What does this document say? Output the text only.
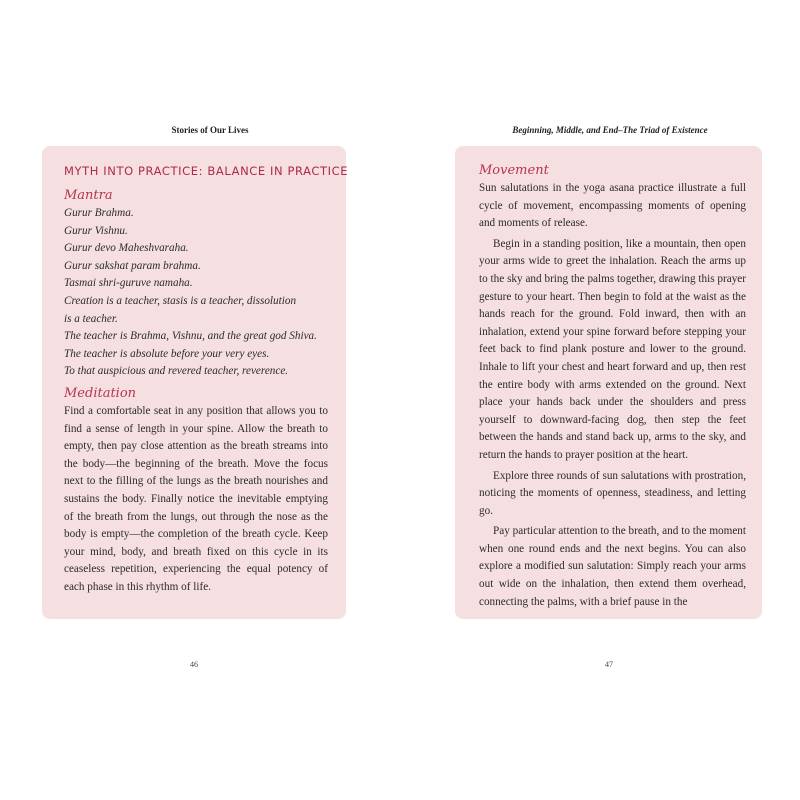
Stories of Our Lives

MYTH INTO PRACTICE: BALANCE IN PRACTICE

Mantra

Gurur Brahma.

Gurur Vishnu.

Gurur devo Maheshvaraha.

Gurur sakshat param brahma.

Tasmai shri-guruve namaha.

Creation is a teacher, stasis is a teacher, dissolution

is a teacher.

The teacher is Brahma, Vishnu, and the great god Shiva.

The teacher is absolute before your very eyes.

To that auspicious and revered teacher, reverence.

Meditation

Find a comfortable seat in any position that allows you to find a sense of length in your spine. Allow the breath to empty, then pay close attention as the breath streams into the body—the beginning of the breath. Move the focus next to the filling of the lungs as the breath nourishes and sustains the body. Finally notice the inevitable emptying of the breath from the lungs, out through the nose as the body is empty—the completion of the breath cycle. Keep your mind, body, and breath fixed on this cycle in its ceaseless repetition, experiencing the equal potency of each phase in this rhythm of life.

46
Beginning, Middle, and End–The Triad of Existence

Movement

Sun salutations in the yoga asana practice illustrate a full cycle of movement, encompassing moments of opening and moments of release.

Begin in a standing position, like a mountain, then open your arms wide to greet the inhalation. Reach the arms up to the sky and bring the palms together, drawing this prayer gesture to your heart. Then begin to fold at the waist as the hands reach for the ground. Fold inward, then with an inhalation, extend your spine forward before stepping your feet back to find plank posture and lower to the ground. Inhale to lift your chest and heart forward and up, then rest the entire body with arms extended on the ground. Next place your hands back under the shoulders and press yourself to downward-facing dog, then step the feet between the hands and stand back up, arms to the sky, and return the hands to prayer position at the heart.

Explore three rounds of sun salutations with prostration, noticing the moments of openness, steadiness, and letting go.

Pay particular attention to the breath, and to the moment when one round ends and the next begins. You can also explore a modified sun salutation: Simply reach your arms out wide on the inhalation, then extend them overhead, connecting the palms, with a brief pause in the

47
